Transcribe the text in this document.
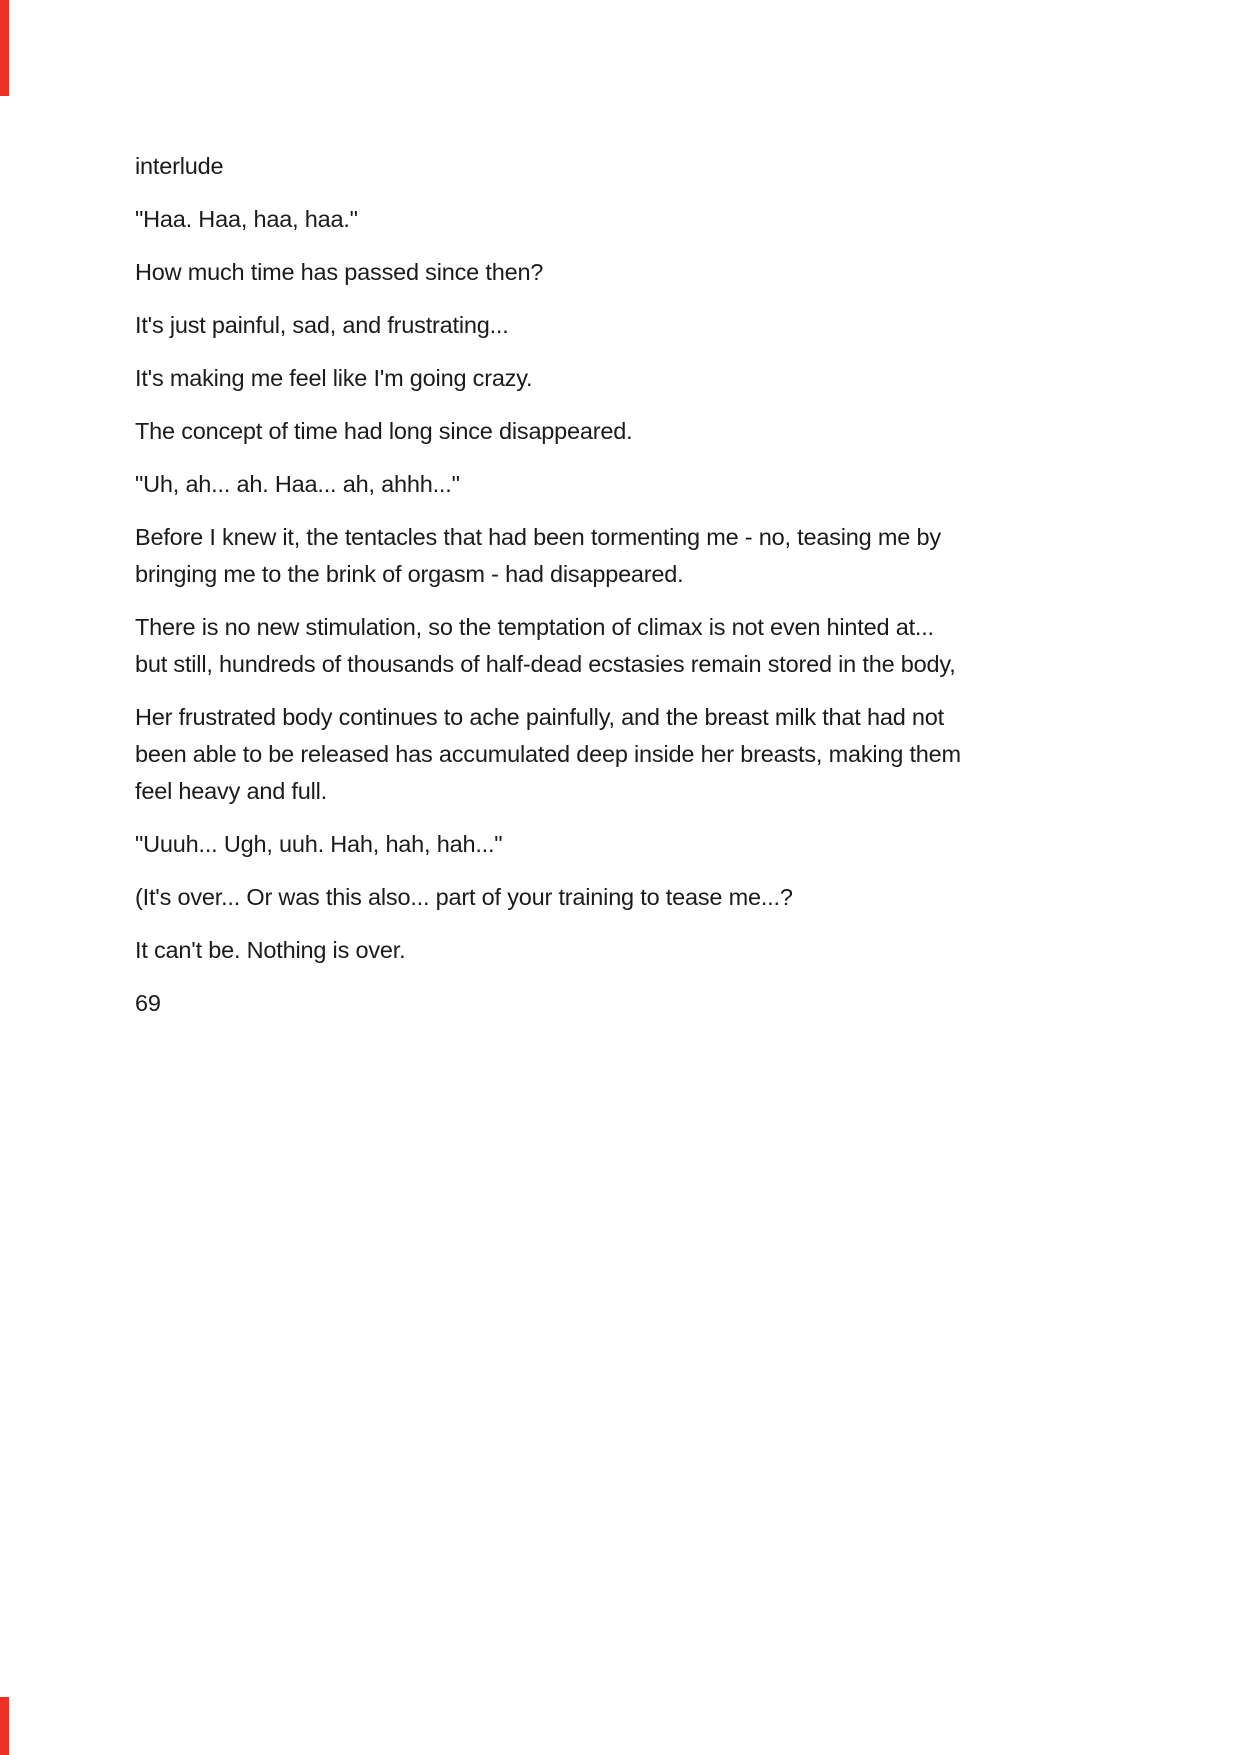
interlude
"Haa. Haa, haa, haa."
How much time has passed since then?
It's just painful, sad, and frustrating...
It's making me feel like I'm going crazy.
The concept of time had long since disappeared.
"Uh, ah... ah. Haa... ah, ahhh..."
Before I knew it, the tentacles that had been tormenting me - no, teasing me by
bringing me to the brink of orgasm - had disappeared.
There is no new stimulation, so the temptation of climax is not even hinted at...
but still, hundreds of thousands of half-dead ecstasies remain stored in the body,
Her frustrated body continues to ache painfully, and the breast milk that had not
been able to be released has accumulated deep inside her breasts, making them
feel heavy and full.
"Uuuh... Ugh, uuh. Hah, hah, hah..."
(It's over... Or was this also... part of your training to tease me...?
It can't be. Nothing is over.
69
